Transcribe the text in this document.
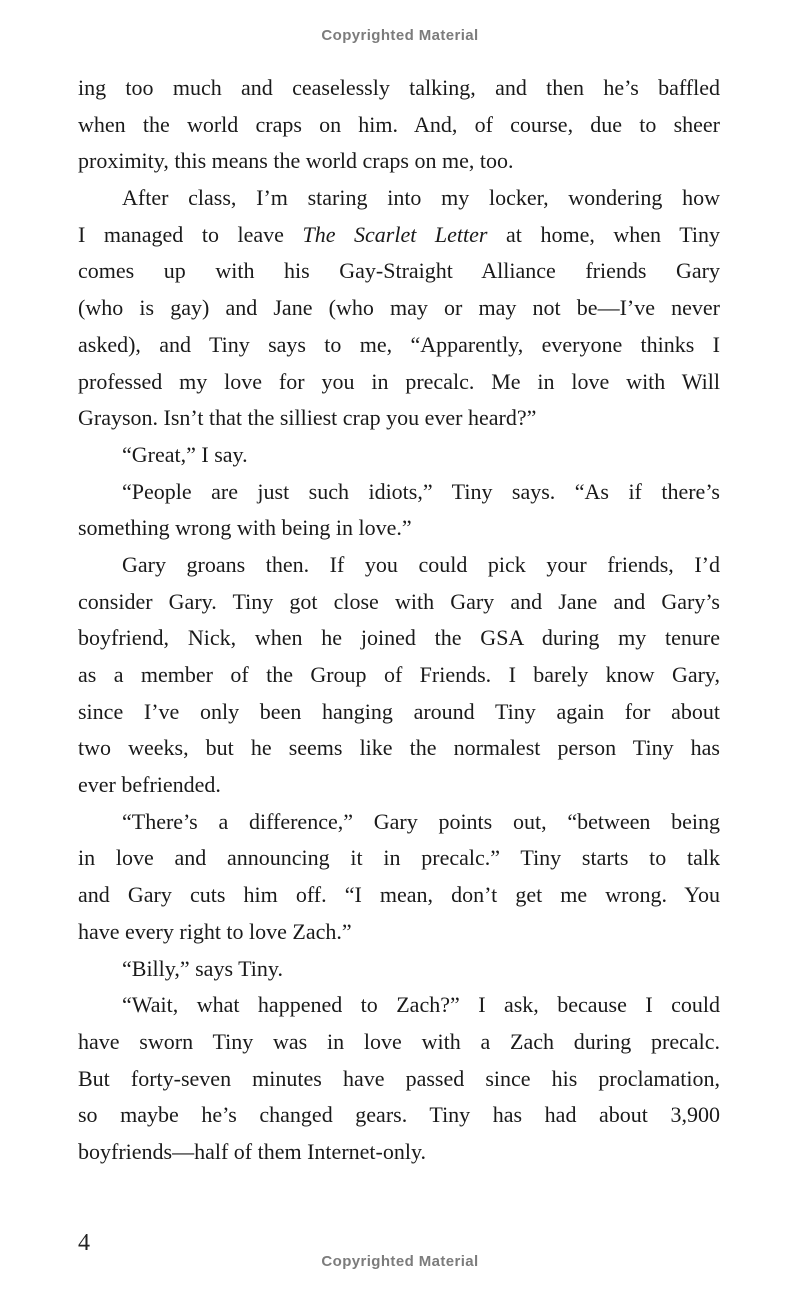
Copyrighted Material
ing too much and ceaselessly talking, and then he’s baffled
when the world craps on him. And, of course, due to sheer
proximity, this means the world craps on me, too.
After class, I’m staring into my locker, wondering how
I managed to leave The Scarlet Letter at home, when Tiny
comes up with his Gay-Straight Alliance friends Gary
(who is gay) and Jane (who may or may not be—I’ve never
asked), and Tiny says to me, “Apparently, everyone thinks I
professed my love for you in precalc. Me in love with Will
Grayson. Isn’t that the silliest crap you ever heard?”
“Great,” I say.
“People are just such idiots,” Tiny says. “As if there’s
something wrong with being in love.”
Gary groans then. If you could pick your friends, I’d
consider Gary. Tiny got close with Gary and Jane and Gary’s
boyfriend, Nick, when he joined the GSA during my tenure
as a member of the Group of Friends. I barely know Gary,
since I’ve only been hanging around Tiny again for about
two weeks, but he seems like the normalest person Tiny has
ever befriended.
“There’s a difference,” Gary points out, “between being
in love and announcing it in precalc.” Tiny starts to talk
and Gary cuts him off. “I mean, don’t get me wrong. You
have every right to love Zach.”
“Billy,” says Tiny.
“Wait, what happened to Zach?” I ask, because I could
have sworn Tiny was in love with a Zach during precalc.
But forty-seven minutes have passed since his proclamation,
so maybe he’s changed gears. Tiny has had about 3,900
boyfriends—half of them Internet-only.
4
Copyrighted Material
